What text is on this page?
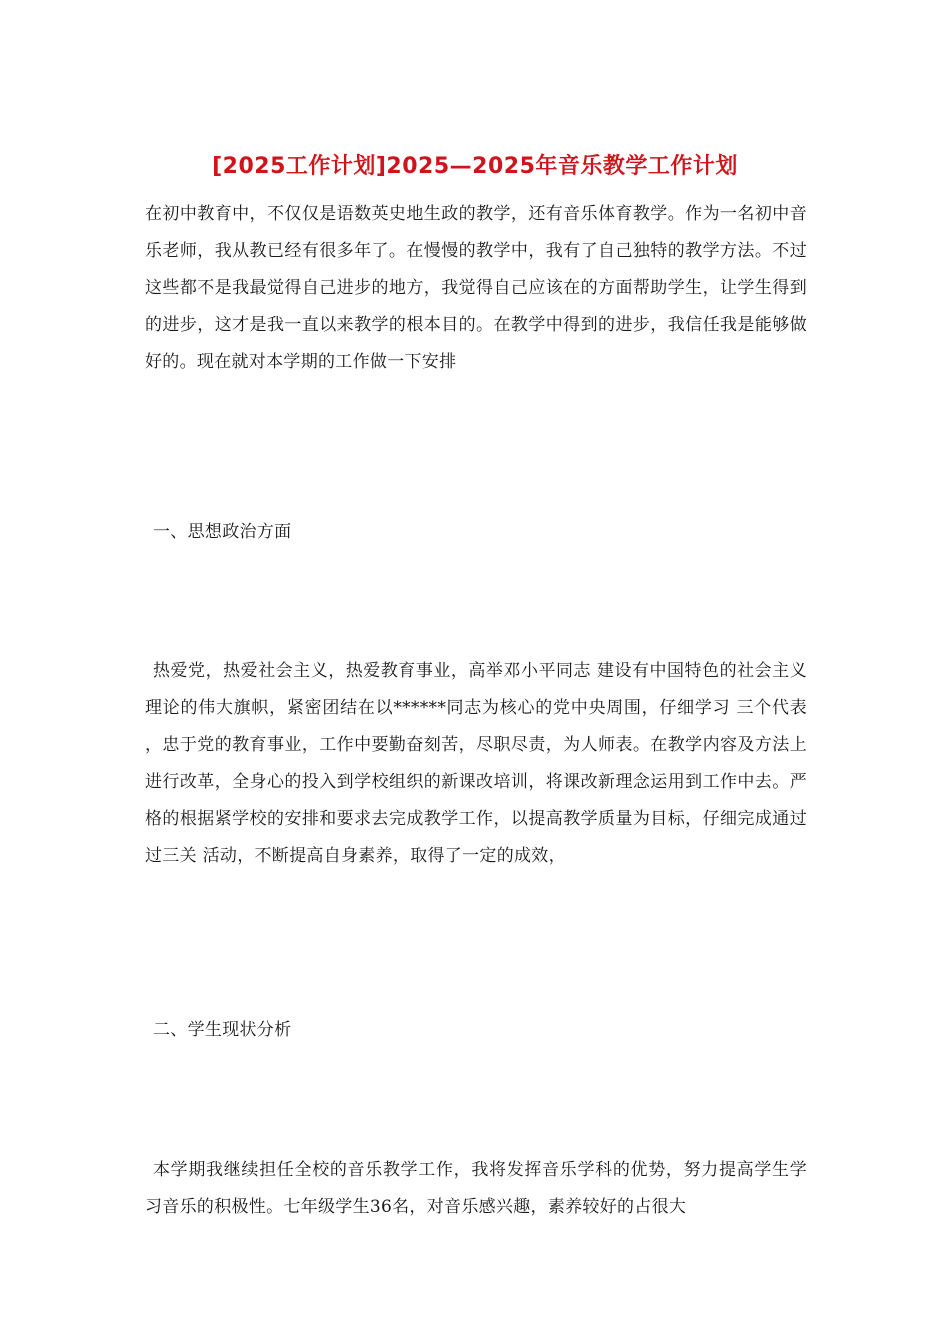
[2025工作计划]2025—2025年音乐教学工作计划

在初中教育中，不仅仅是语数英史地生政的教学，还有音乐体育教学。作为一名初中音乐老师，我从教已经有很多年了。在慢慢的教学中，我有了自己独特的教学方法。不过这些都不是我最觉得自己进步的地方，我觉得自己应该在的方面帮助学生，让学生得到的进步，这才是我一直以来教学的根本目的。在教学中得到的进步，我信任我是能够做好的。现在就对本学期的工作做一下安排

一、思想政治方面

热爱党，热爱社会主义，热爱教育事业，高举邓小平同志 建设有中国特色的社会主义 理论的伟大旗帜，紧密团结在以******同志为核心的党中央周围，仔细学习 三个代表 ，忠于党的教育事业，工作中要勤奋刻苦，尽职尽责，为人师表。在教学内容及方法上进行改革，全身心的投入到学校组织的新课改培训，将课改新理念运用到工作中去。严格的根据紧学校的安排和要求去完成教学工作，以提高教学质量为目标，仔细完成通过 过三关 活动，不断提高自身素养，取得了一定的成效，

二、学生现状分析

本学期我继续担任全校的音乐教学工作，我将发挥音乐学科的优势，努力提高学生学习音乐的积极性。七年级学生36名，对音乐感兴趣，素养较好的占很大
